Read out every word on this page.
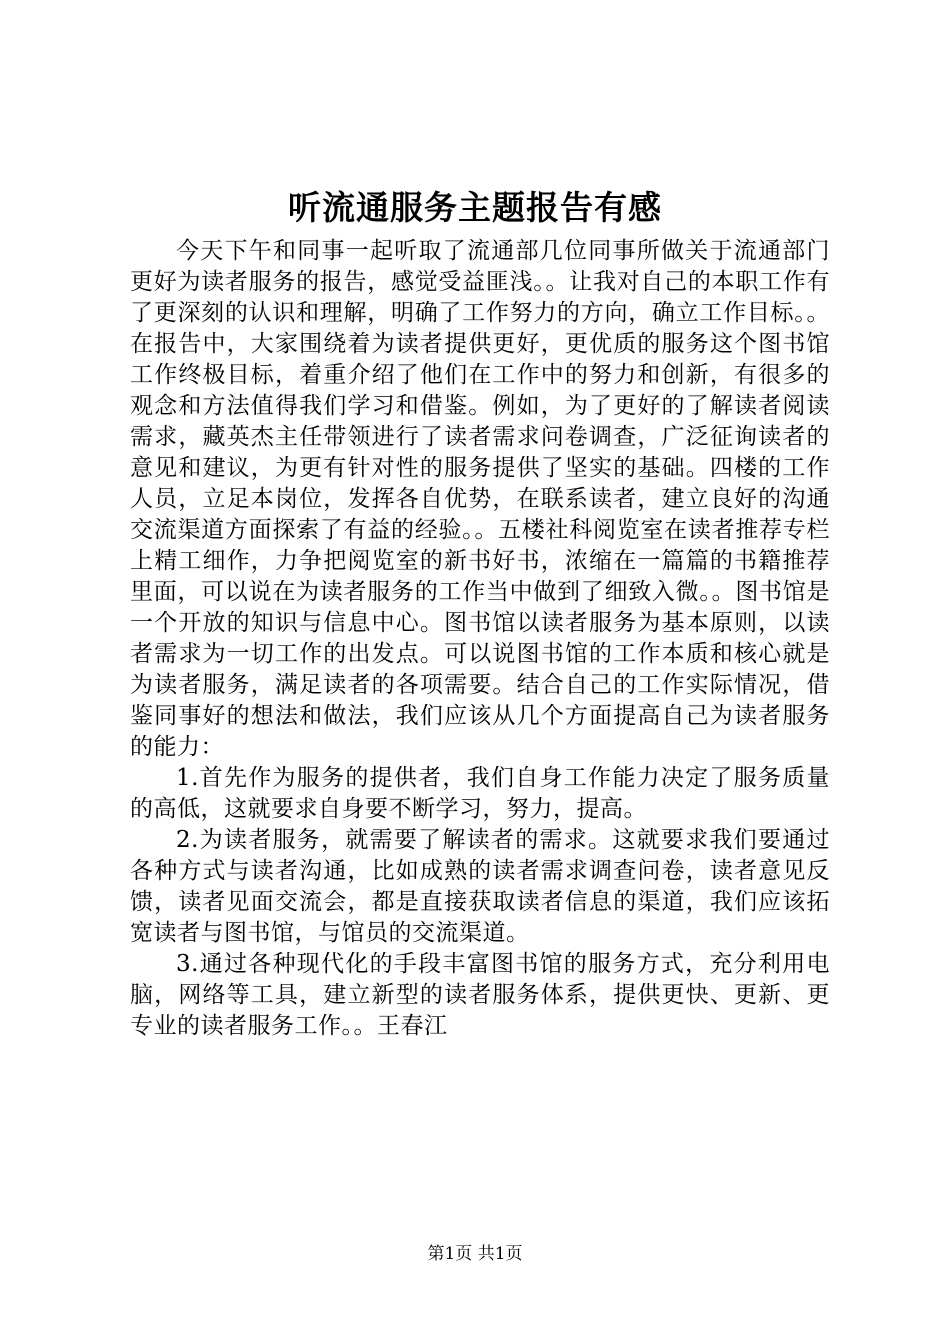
听流通服务主题报告有感

今天下午和同事一起听取了流通部几位同事所做关于流通部门更好为读者服务的报告，感觉受益匪浅。。让我对自己的本职工作有了更深刻的认识和理解，明确了工作努力的方向，确立工作目标。。在报告中，大家围绕着为读者提供更好，更优质的服务这个图书馆工作终极目标，着重介绍了他们在工作中的努力和创新，有很多的观念和方法值得我们学习和借鉴。例如，为了更好的了解读者阅读需求，藏英杰主任带领进行了读者需求问卷调查，广泛征询读者的意见和建议，为更有针对性的服务提供了坚实的基础。四楼的工作人员，立足本岗位，发挥各自优势，在联系读者，建立良好的沟通交流渠道方面探索了有益的经验。。五楼社科阅览室在读者推荐专栏上精工细作，力争把阅览室的新书好书，浓缩在一篇篇的书籍推荐里面，可以说在为读者服务的工作当中做到了细致入微。。图书馆是一个开放的知识与信息中心。图书馆以读者服务为基本原则，以读者需求为一切工作的出发点。可以说图书馆的工作本质和核心就是为读者服务，满足读者的各项需要。结合自己的工作实际情况，借鉴同事好的想法和做法，我们应该从几个方面提高自己为读者服务的能力：

1.首先作为服务的提供者，我们自身工作能力决定了服务质量的高低，这就要求自身要不断学习，努力，提高。

2.为读者服务，就需要了解读者的需求。这就要求我们要通过各种方式与读者沟通，比如成熟的读者需求调查问卷，读者意见反馈，读者见面交流会，都是直接获取读者信息的渠道，我们应该拓宽读者与图书馆，与馆员的交流渠道。

3.通过各种现代化的手段丰富图书馆的服务方式，充分利用电脑，网络等工具，建立新型的读者服务体系，提供更快、更新、更专业的读者服务工作。。王春江

第1页 共1页
